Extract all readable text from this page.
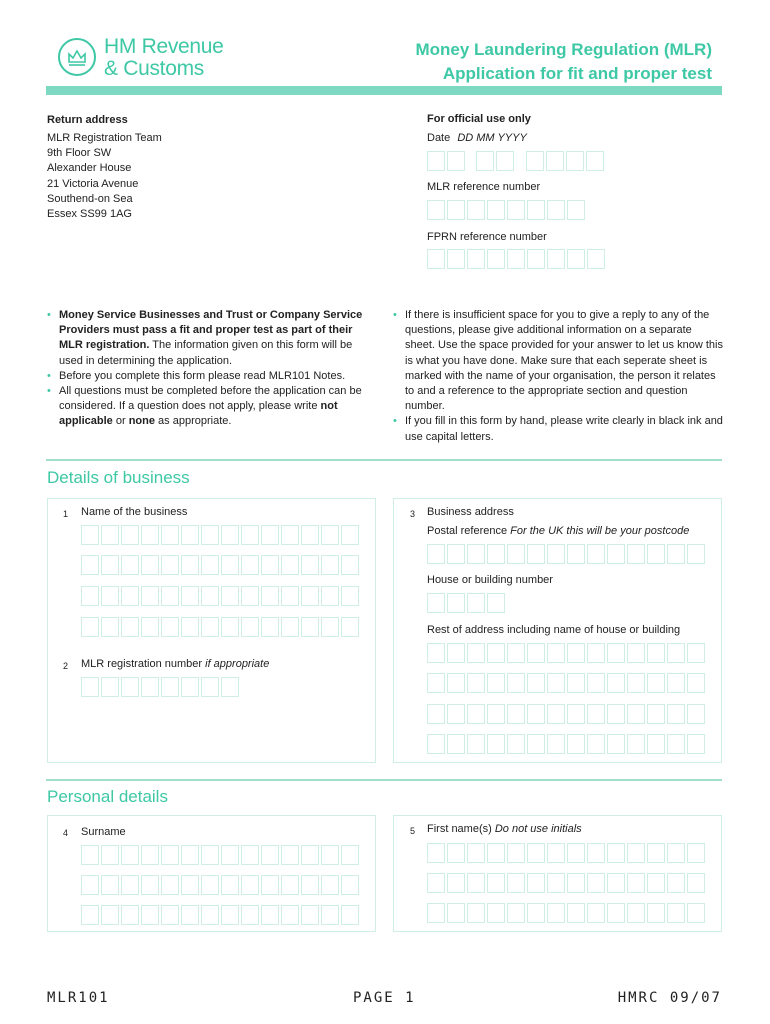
HM Revenue
& Customs
Money Laundering Regulation (MLR)
Application for fit and proper test
Return address
MLR Registration Team
9th Floor SW
Alexander House
21 Victoria Avenue
Southend-on Sea
Essex SS99 1AG
For official use only
Date DD MM YYYY
MLR reference number
FPRN reference number
• Money Service Businesses and Trust or Company Service Providers must pass a fit and proper test as part of their MLR registration. The information given on this form will be used in determining the application.
• Before you complete this form please read MLR101 Notes.
• All questions must be completed before the application can be considered. If a question does not apply, please write not applicable or none as appropriate.
• If there is insufficient space for you to give a reply to any of the questions, please give additional information on a separate sheet. Use the space provided for your answer to let us know this is what you have done. Make sure that each seperate sheet is marked with the name of your organisation, the person it relates to and a reference to the appropriate section and question number.
• If you fill in this form by hand, please write clearly in black ink and use capital letters.
Details of business
1 Name of the business
2 MLR registration number if appropriate
3 Business address
Postal reference For the UK this will be your postcode
House or building number
Rest of address including name of house or building
Personal details
4 Surname	5 First name(s) Do not use initials
MLR101	PAGE 1	HMRC 09/07
